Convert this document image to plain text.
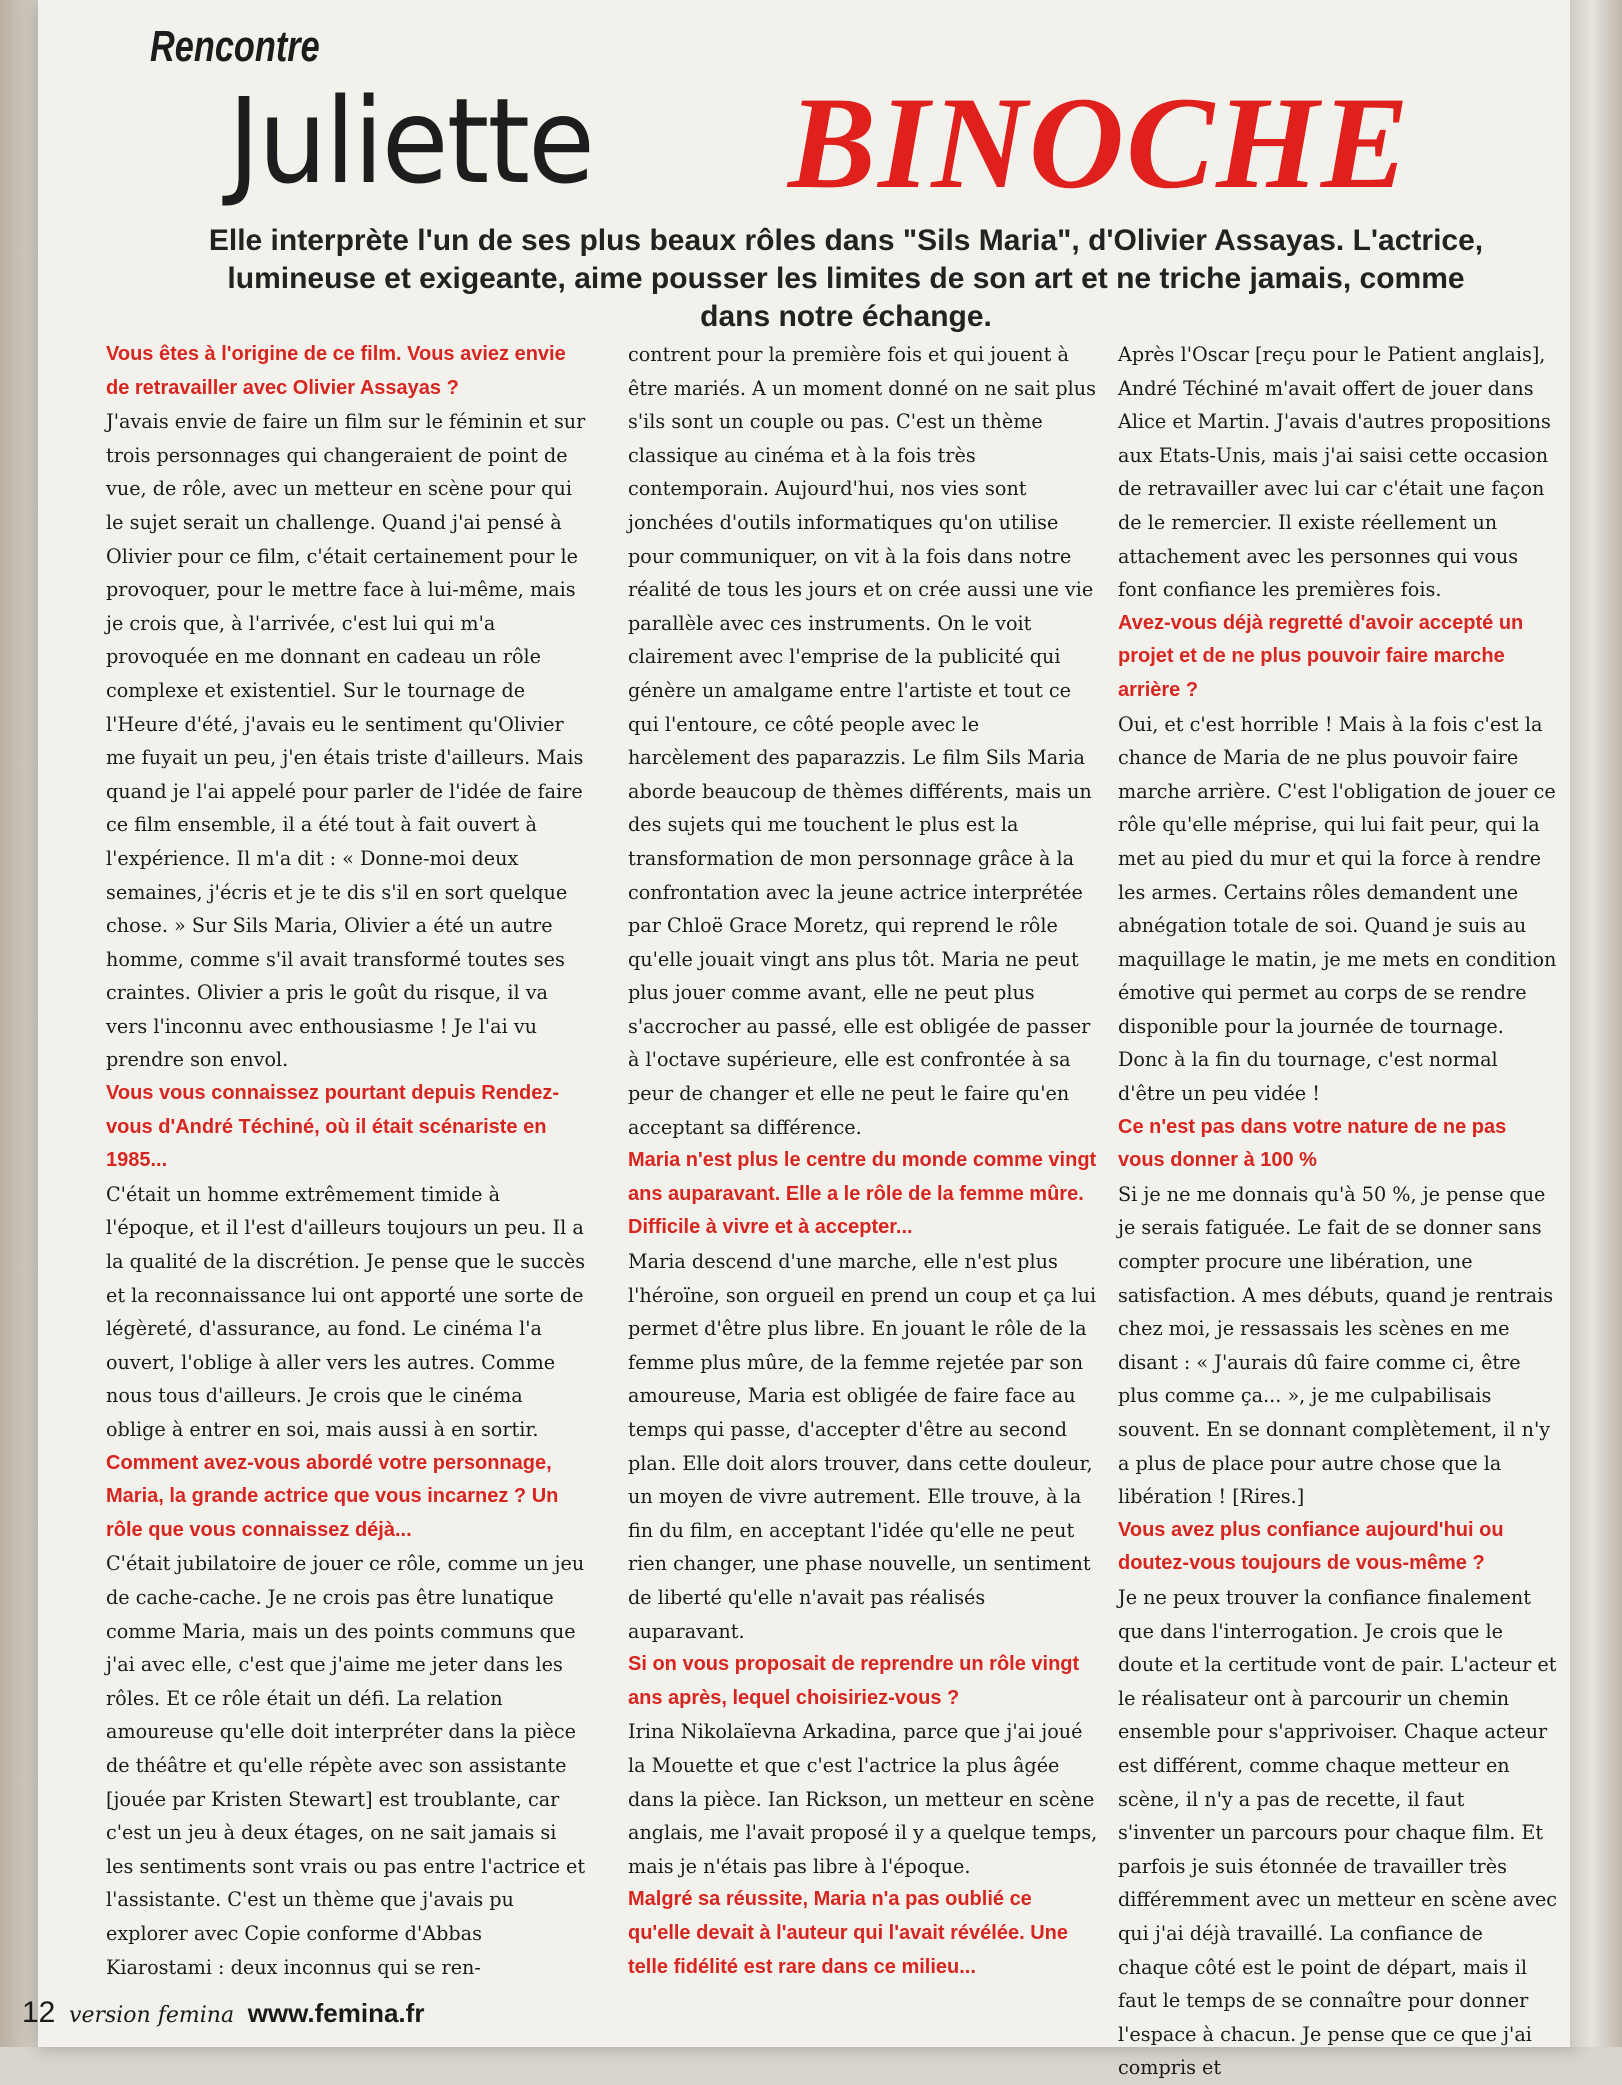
Rencontre
Juliette BINOCHE
Elle interprète l'un de ses plus beaux rôles dans "Sils Maria", d'Olivier Assayas. L'actrice, lumineuse et exigeante, aime pousser les limites de son art et ne triche jamais, comme dans notre échange.

Vous êtes à l'origine de ce film. Vous aviez envie de retravailler avec Olivier Assayas ?

J'avais envie de faire un film sur le féminin et sur trois personnages qui changeraient de point de vue, de rôle, avec un metteur en scène pour qui le sujet serait un challenge. Quand j'ai pensé à Olivier pour ce film, c'était certainement pour le provoquer, pour le mettre face à lui-même, mais je crois que, à l'arrivée, c'est lui qui m'a provoquée en me donnant en cadeau un rôle complexe et existentiel. Sur le tournage de l'Heure d'été, j'avais eu le sentiment qu'Olivier me fuyait un peu, j'en étais triste d'ailleurs. Mais quand je l'ai appelé pour parler de l'idée de faire ce film ensemble, il a été tout à fait ouvert à l'expérience. Il m'a dit : « Donne-moi deux semaines, j'écris et je te dis s'il en sort quelque chose. » Sur Sils Maria, Olivier a été un autre homme, comme s'il avait transformé toutes ses craintes. Olivier a pris le goût du risque, il va vers l'inconnu avec enthousiasme ! Je l'ai vu prendre son envol.

Vous vous connaissez pourtant depuis Rendez-vous d'André Téchiné, où il était scénariste en 1985...

C'était un homme extrêmement timide à l'époque, et il l'est d'ailleurs toujours un peu. Il a la qualité de la discrétion. Je pense que le succès et la reconnaissance lui ont apporté une sorte de légèreté, d'assurance, au fond. Le cinéma l'a ouvert, l'oblige à aller vers les autres. Comme nous tous d'ailleurs. Je crois que le cinéma oblige à entrer en soi, mais aussi à en sortir.

Comment avez-vous abordé votre personnage, Maria, la grande actrice que vous incarnez ? Un rôle que vous connaissez déjà...

C'était jubilatoire de jouer ce rôle, comme un jeu de cache-cache. Je ne crois pas être lunatique comme Maria, mais un des points communs que j'ai avec elle, c'est que j'aime me jeter dans les rôles. Et ce rôle était un défi. La relation amoureuse qu'elle doit interpréter dans la pièce de théâtre et qu'elle répète avec son assistante [jouée par Kristen Stewart] est troublante, car c'est un jeu à deux étages, on ne sait jamais si les sentiments sont vrais ou pas entre l'actrice et l'assistante. C'est un thème que j'avais pu explorer avec Copie conforme d'Abbas Kiarostami : deux inconnus qui se ren-

contrent pour la première fois et qui jouent à être mariés. A un moment donné on ne sait plus s'ils sont un couple ou pas. C'est un thème classique au cinéma et à la fois très contemporain. Aujourd'hui, nos vies sont jonchées d'outils informatiques qu'on utilise pour communiquer, on vit à la fois dans notre réalité de tous les jours et on crée aussi une vie parallèle avec ces instruments. On le voit clairement avec l'emprise de la publicité qui génère un amalgame entre l'artiste et tout ce qui l'entoure, ce côté people avec le harcèlement des paparazzis. Le film Sils Maria aborde beaucoup de thèmes différents, mais un des sujets qui me touchent le plus est la transformation de mon personnage grâce à la confrontation avec la jeune actrice interprétée par Chloë Grace Moretz, qui reprend le rôle qu'elle jouait vingt ans plus tôt. Maria ne peut plus jouer comme avant, elle ne peut plus s'accrocher au passé, elle est obligée de passer à l'octave supérieure, elle est confrontée à sa peur de changer et elle ne peut le faire qu'en acceptant sa différence.

Maria n'est plus le centre du monde comme vingt ans auparavant. Elle a le rôle de la femme mûre. Difficile à vivre et à accepter...

Maria descend d'une marche, elle n'est plus l'héroïne, son orgueil en prend un coup et ça lui permet d'être plus libre. En jouant le rôle de la femme plus mûre, de la femme rejetée par son amoureuse, Maria est obligée de faire face au temps qui passe, d'accepter d'être au second plan. Elle doit alors trouver, dans cette douleur, un moyen de vivre autrement. Elle trouve, à la fin du film, en acceptant l'idée qu'elle ne peut rien changer, une phase nouvelle, un sentiment de liberté qu'elle n'avait pas réalisés auparavant.

Si on vous proposait de reprendre un rôle vingt ans après, lequel choisiriez-vous ?

Irina Nikolaïevna Arkadina, parce que j'ai joué la Mouette et que c'est l'actrice la plus âgée dans la pièce. Ian Rickson, un metteur en scène anglais, me l'avait proposé il y a quelque temps, mais je n'étais pas libre à l'époque.

Malgré sa réussite, Maria n'a pas oublié ce qu'elle devait à l'auteur qui l'avait révélée. Une telle fidélité est rare dans ce milieu...

Après l'Oscar [reçu pour le Patient anglais], André Téchiné m'avait offert de jouer dans Alice et Martin. J'avais d'autres propositions aux Etats-Unis, mais j'ai saisi cette occasion de retravailler avec lui car c'était une façon de le remercier. Il existe réellement un attachement avec les personnes qui vous font confiance les premières fois.

Avez-vous déjà regretté d'avoir accepté un projet et de ne plus pouvoir faire marche arrière ?

Oui, et c'est horrible ! Mais à la fois c'est la chance de Maria de ne plus pouvoir faire marche arrière. C'est l'obligation de jouer ce rôle qu'elle méprise, qui lui fait peur, qui la met au pied du mur et qui la force à rendre les armes. Certains rôles demandent une abnégation totale de soi. Quand je suis au maquillage le matin, je me mets en condition émotive qui permet au corps de se rendre disponible pour la journée de tournage. Donc à la fin du tournage, c'est normal d'être un peu vidée !

Ce n'est pas dans votre nature de ne pas vous donner à 100 %

Si je ne me donnais qu'à 50 %, je pense que je serais fatiguée. Le fait de se donner sans compter procure une libération, une satisfaction. A mes débuts, quand je rentrais chez moi, je ressassais les scènes en me disant : « J'aurais dû faire comme ci, être plus comme ça... », je me culpabilisais souvent. En se donnant complètement, il n'y a plus de place pour autre chose que la libération ! [Rires.]

Vous avez plus confiance aujourd'hui ou doutez-vous toujours de vous-même ?

Je ne peux trouver la confiance finalement que dans l'interrogation. Je crois que le doute et la certitude vont de pair. L'acteur et le réalisateur ont à parcourir un chemin ensemble pour s'apprivoiser. Chaque acteur est différent, comme chaque metteur en scène, il n'y a pas de recette, il faut s'inventer un parcours pour chaque film. Et parfois je suis étonnée de travailler très différemment avec un metteur en scène avec qui j'ai déjà travaillé. La confiance de chaque côté est le point de départ, mais il faut le temps de se connaître pour donner l'espace à chacun. Je pense que ce que j'ai compris et

12 version femina www.femina.fr
